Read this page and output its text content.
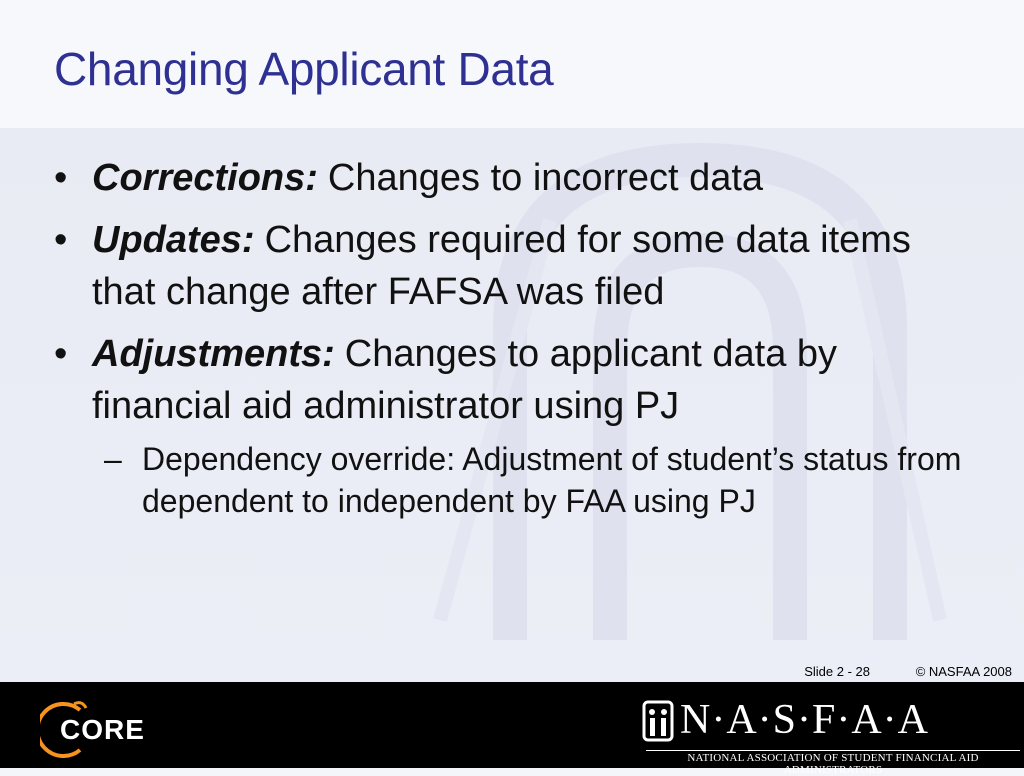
Changing Applicant Data
• Corrections: Changes to incorrect data
• Updates: Changes required for some data items that change after FAFSA was filed
• Adjustments: Changes to applicant data by financial aid administrator using PJ
– Dependency override: Adjustment of student’s status from dependent to independent by FAA using PJ
Slide 2 - 28	© NASFAA 2008
CORE	N·A·S·F·A·A
NATIONAL ASSOCIATION OF STUDENT FINANCIAL AID ADMINISTRATORS
